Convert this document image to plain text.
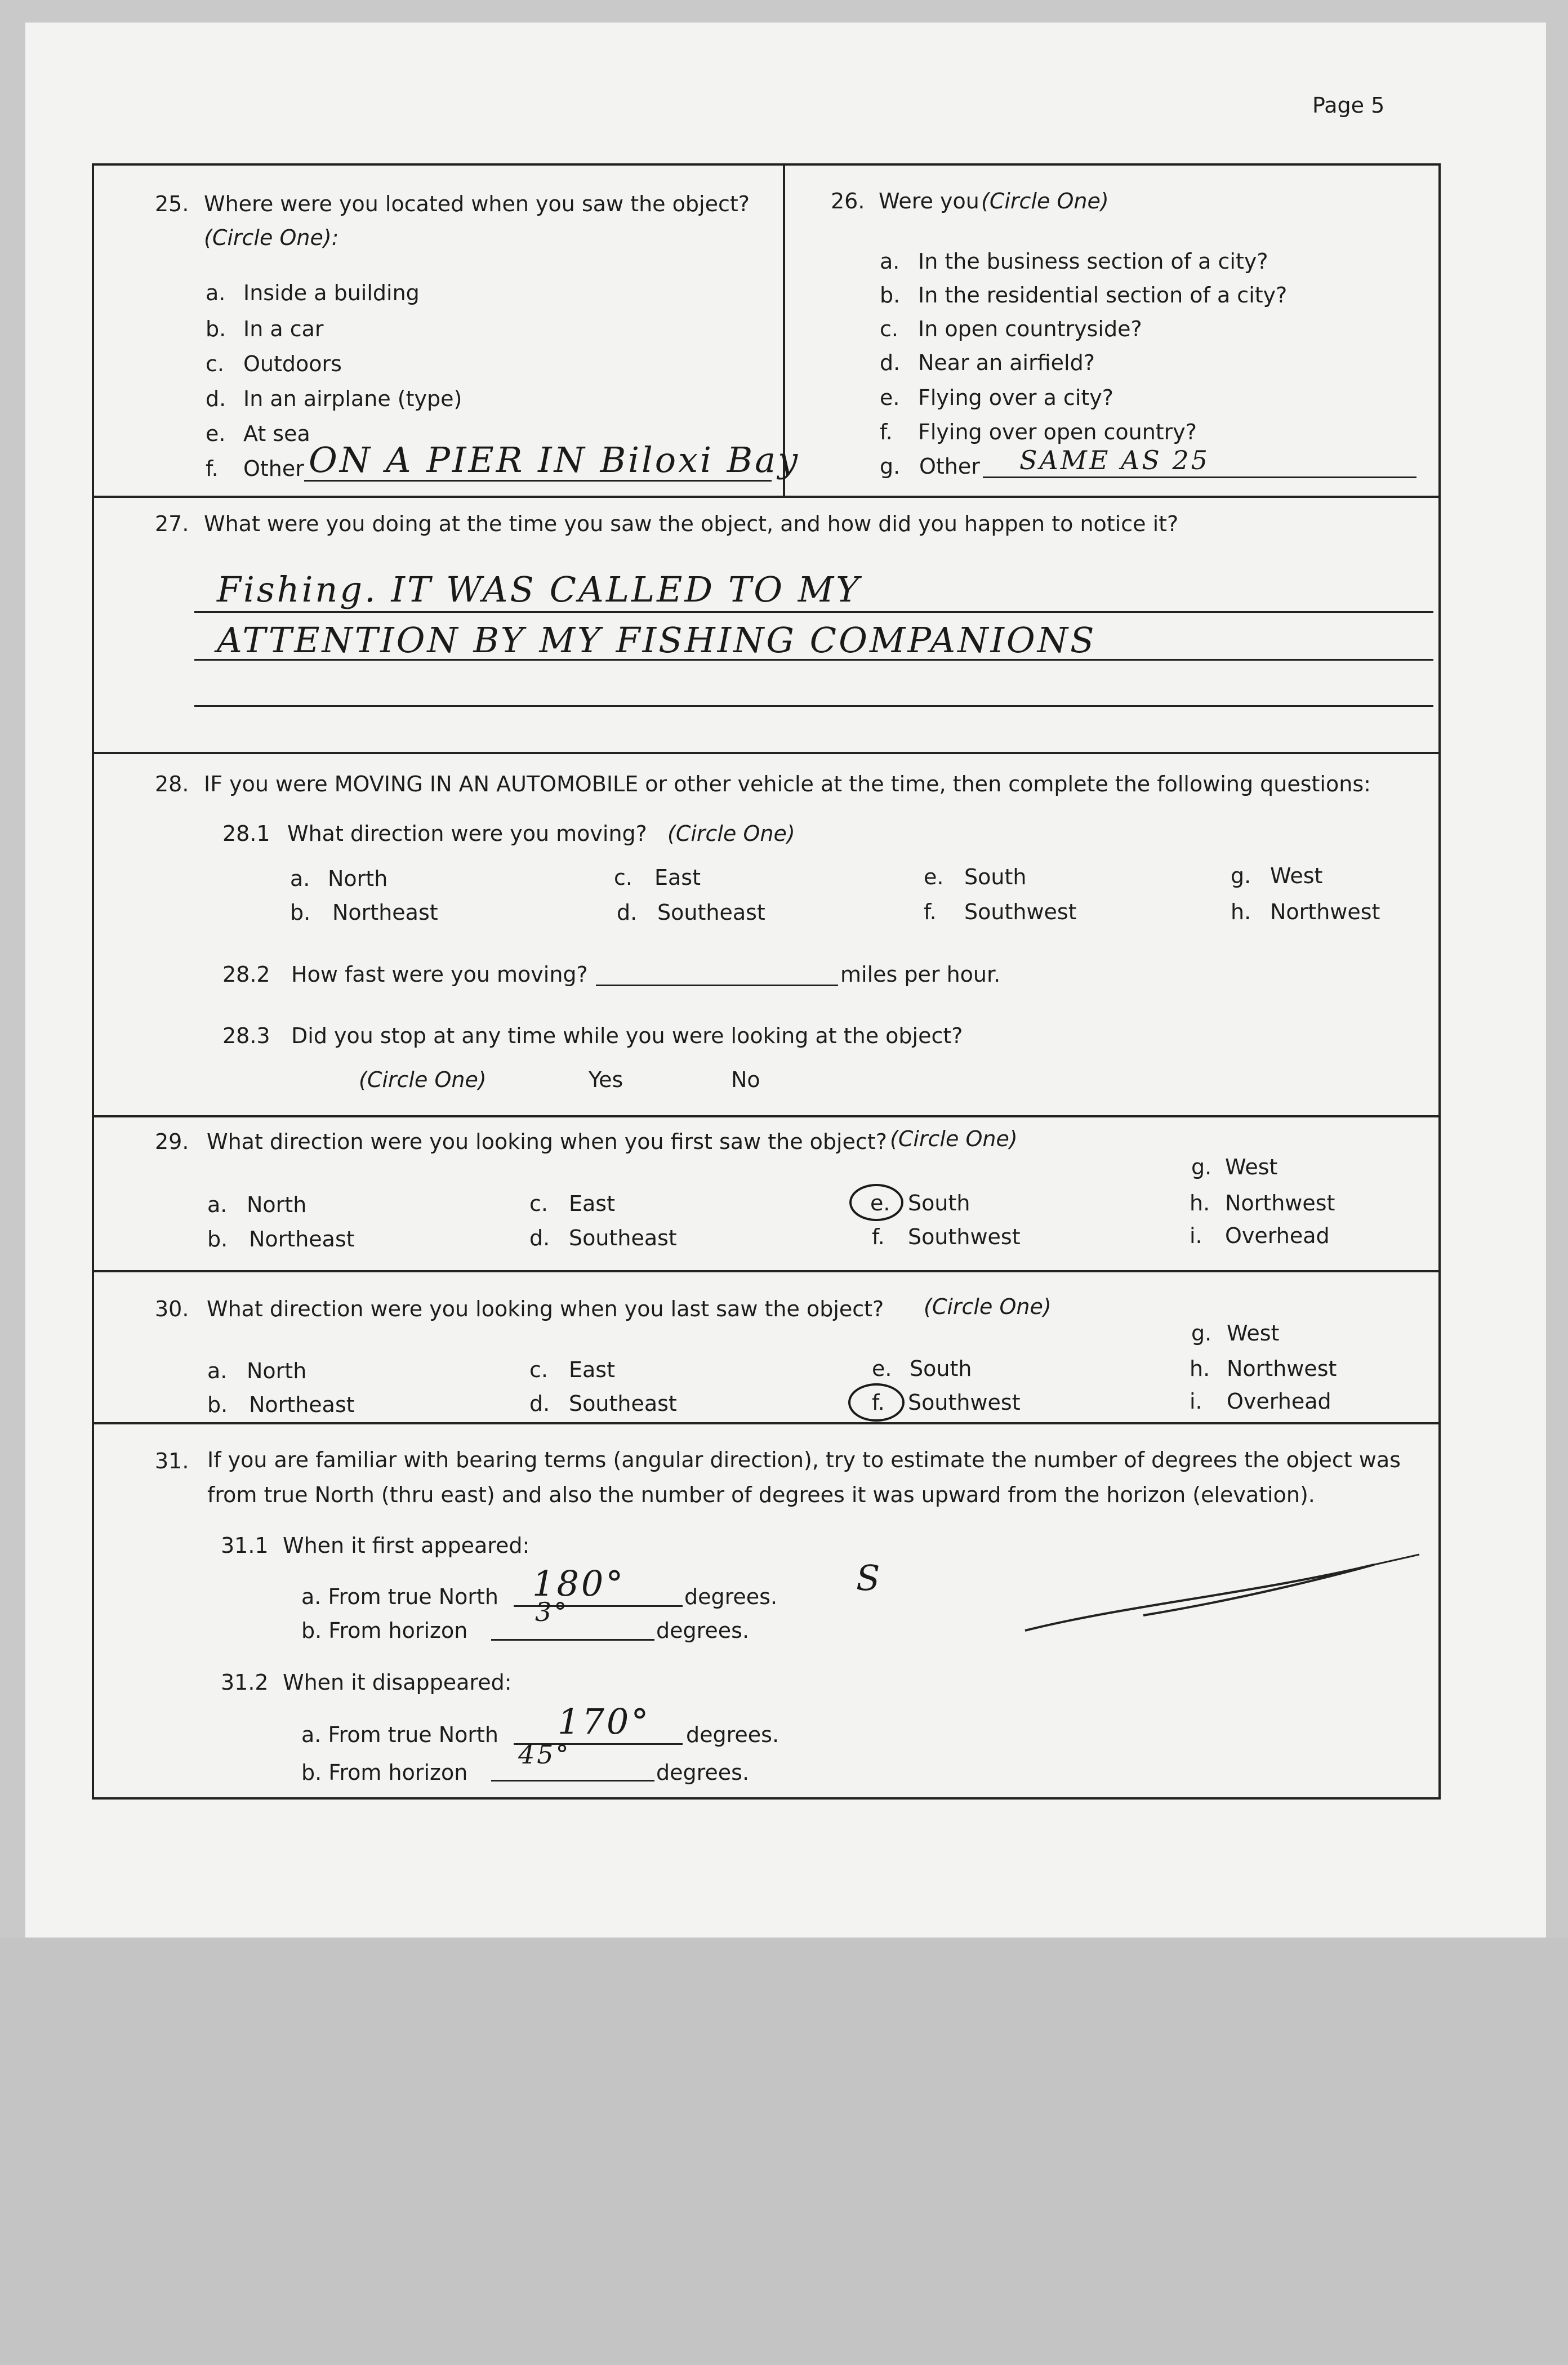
Page 5
25. Where were you located when you saw the object?
(Circle One):
a. Inside a building
b. In a car
c. Outdoors
d. In an airplane (type)
e. At sea
f. Other ON A PIER IN Biloxi Bay
26. Were you (Circle One)
a. In the business section of a city?
b. In the residential section of a city?
c. In open countryside?
d. Near an airfield?
e. Flying over a city?
f. Flying over open country?
g. Other SAME AS 25
27. What were you doing at the time you saw the object, and how did you happen to notice it?
Fishing. IT WAS CALLED TO MY
ATTENTION BY MY FISHING COMPANIONS
28. IF you were MOVING IN AN AUTOMOBILE or other vehicle at the time, then complete the following questions:
28.1 What direction were you moving? (Circle One)
a. North
b. Northeast
c. East
d. Southeast
e. South
f. Southwest
g. West
h. Northwest
28.2 How fast were you moving?	miles per hour.
28.3 Did you stop at any time while you were looking at the object?
(Circle One)	Yes	No
29. What direction were you looking when you first saw the object? (Circle One)
a. North
b. Northeast
c. East
d. Southeast
e. South
f. Southwest
g. West
h. Northwest
i. Overhead
30. What direction were you looking when you last saw the object? (Circle One)
a. North
b. Northeast
c. East
d. Southeast
e. South
f. Southwest
g. West
h. Northwest
i. Overhead
31. If you are familiar with bearing terms (angular direction), try to estimate the number of degrees the object was
from true North (thru east) and also the number of degrees it was upward from the horizon (elevation).
31.1 When it first appeared:
a. From true North 180°	degrees.
b. From horizon
3°
degrees.
S
31.2 When it disappeared:
a. From true North 170° degrees.
b. From horizon
45°
degrees.
